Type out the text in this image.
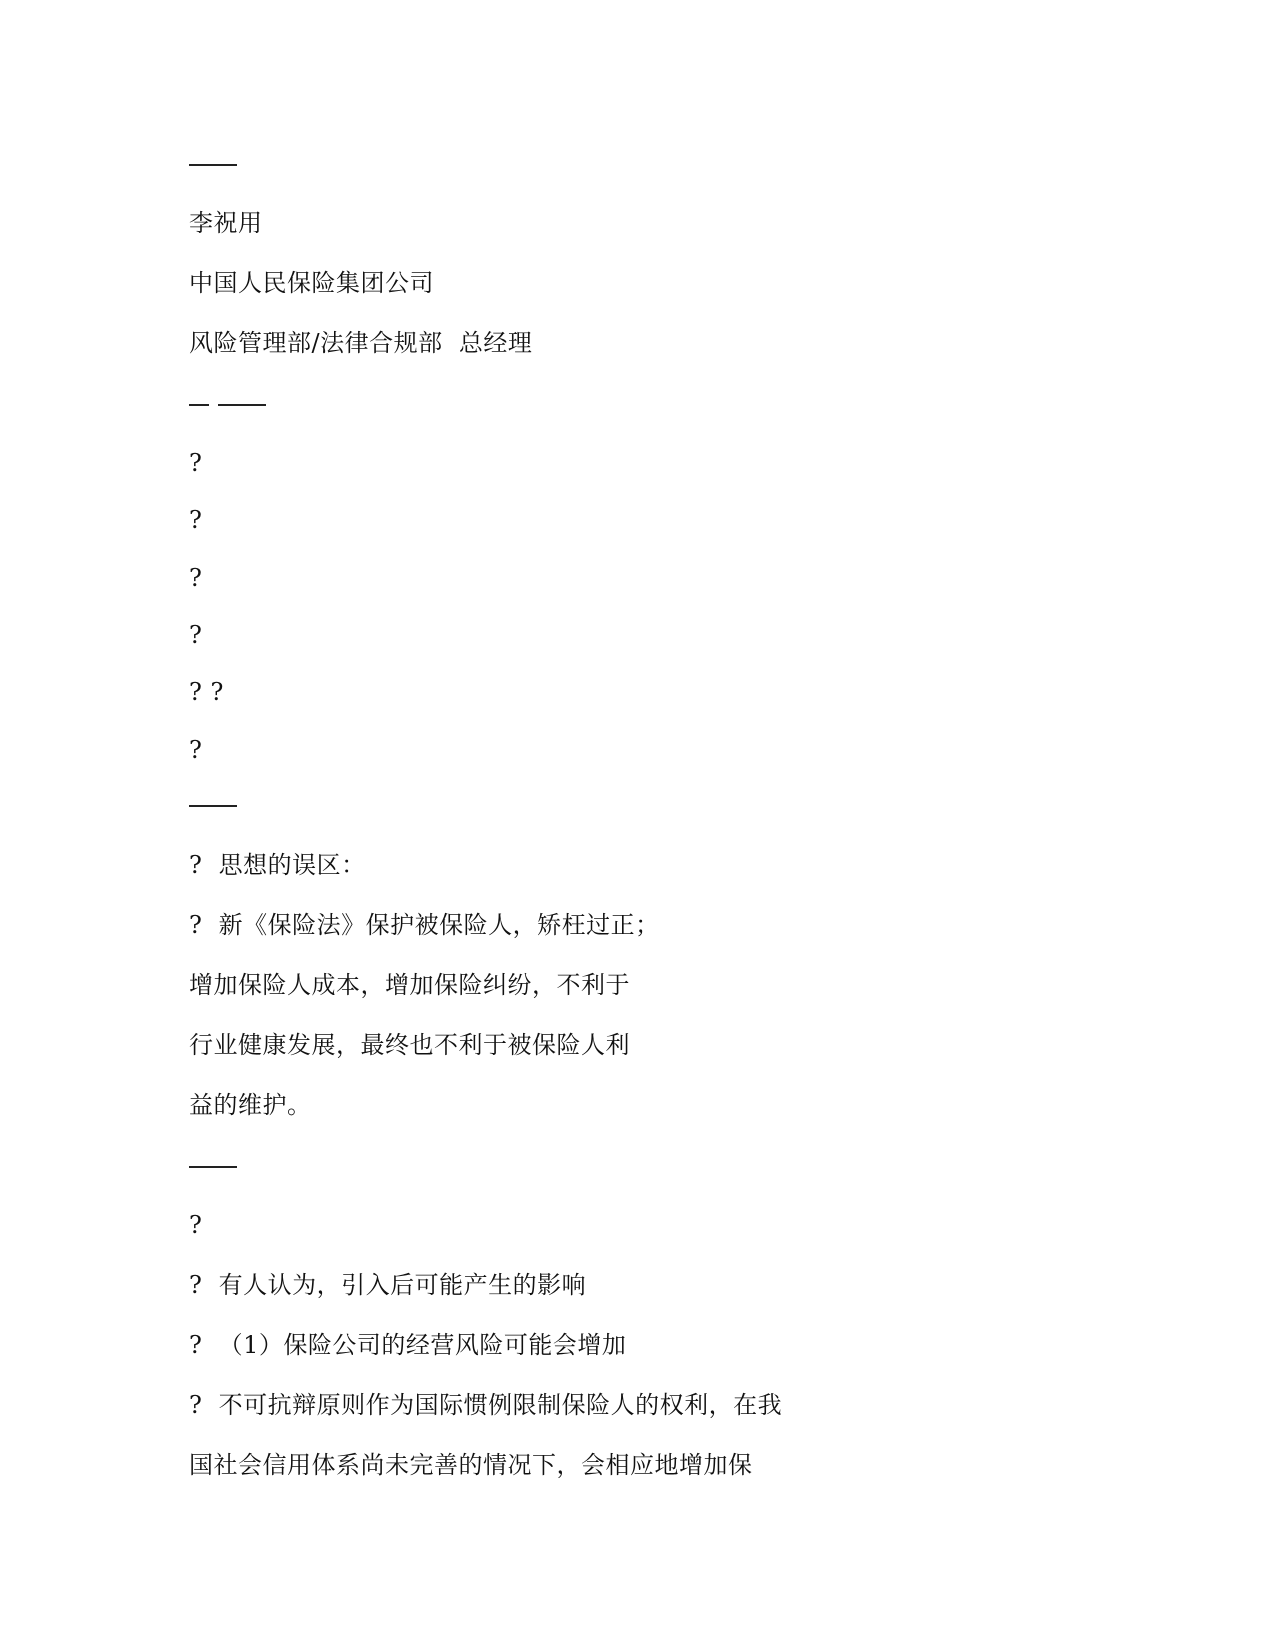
李祝用
中国人民保险集团公司
风险管理部/法律合规部  总经理
?
?
?
?
? ?
?
?  思想的误区：
?  新《保险法》保护被保险人，矫枉过正；
增加保险人成本，增加保险纠纷，不利于
行业健康发展，最终也不利于被保险人利
益的维护。
?
?  有人认为，引入后可能产生的影响
?  （1）保险公司的经营风险可能会增加
?  不可抗辩原则作为国际惯例限制保险人的权利，在我
国社会信用体系尚未完善的情况下，会相应地增加保
